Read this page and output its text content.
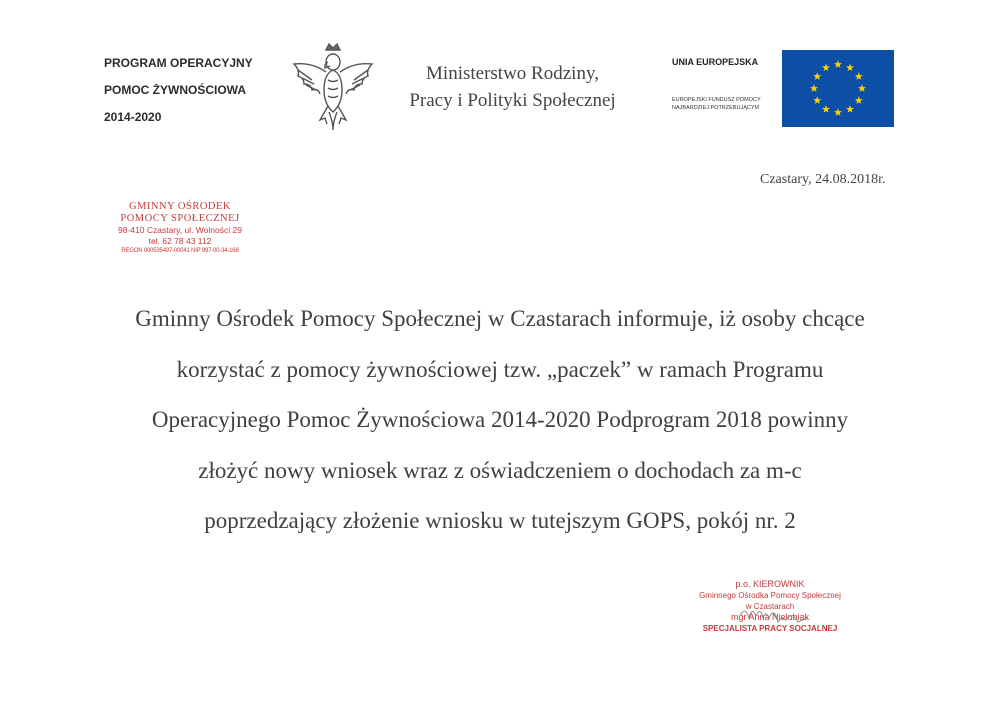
PROGRAM OPERACYJNY
POMOC ŻYWNOŚCIOWA
2014-2020
Ministerstwo Rodziny,
Pracy i Polityki Społecznej
UNIA EUROPEJSKA
EUROPEJSKI FUNDUSZ POMOCY
NAJBARDZIEJ POTRZEBUJĄCYM
Czastary, 24.08.2018r.
GMINNY OŚRODEK
POMOCY SPOŁECZNEJ
98-410 Czastary, ul. Wolności 29
tel. 62 78 43 112
REGON 000535497-00041 NIP 997-00-34-168
Gminny Ośrodek Pomocy Społecznej w Czastarach informuje, iż osoby chcące
korzystać z pomocy żywnościowej tzw. „paczek” w ramach Programu
Operacyjnego Pomoc Żywnościowa 2014-2020 Podprogram 2018 powinny
złożyć nowy wniosek wraz z oświadczeniem o dochodach za m-c
poprzedzający złożenie wniosku w tutejszym GOPS, pokój nr. 2
p.o. KIEROWNIK
Gminnego Ośrodka Pomocy Społecznej
w Czastarach
mgr Anna Nielubiak
SPECJALISTA PRACY SOCJALNEJ
